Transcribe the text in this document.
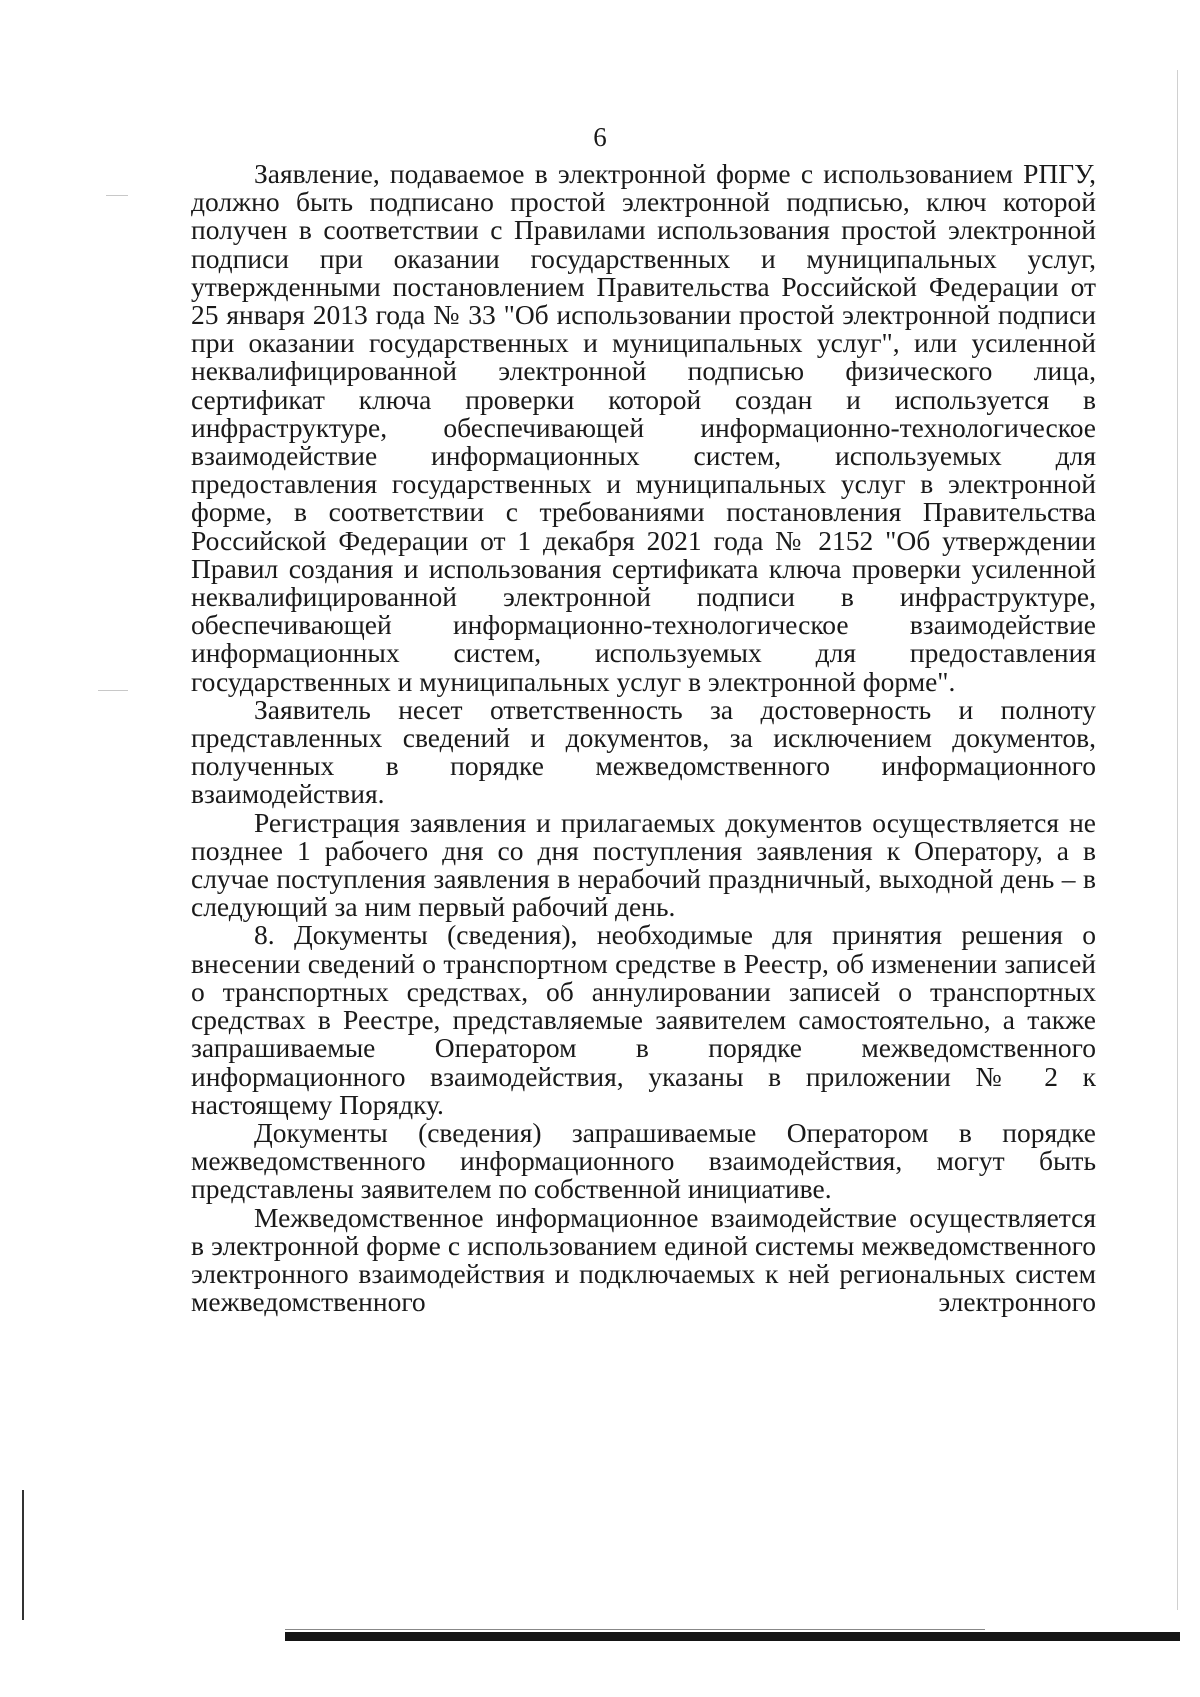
6

Заявление, подаваемое в электронной форме с использованием РПГУ, должно быть подписано простой электронной подписью, ключ которой получен в соответствии с Правилами использования простой электронной подписи при оказании государственных и муниципальных услуг, утвержденными постановлением Правительства Российской Федерации от 25 января 2013 года № 33 "Об использовании простой электронной подписи при оказании государственных и муниципальных услуг", или усиленной неквалифицированной электронной подписью физического лица, сертификат ключа проверки которой создан и используется в инфраструктуре, обеспечивающей информационно-технологическое взаимодействие информационных систем, используемых для предоставления государственных и муниципальных услуг в электронной форме, в соответствии с требованиями постановления Правительства Российской Федерации от 1 декабря 2021 года № 2152 "Об утверждении Правил создания и использования сертификата ключа проверки усиленной неквалифицированной электронной подписи в инфраструктуре, обеспечивающей информационно-технологическое взаимодействие информационных систем, используемых для предоставления государственных и муниципальных услуг в электронной форме".

Заявитель несет ответственность за достоверность и полноту представленных сведений и документов, за исключением документов, полученных в порядке межведомственного информационного взаимодействия.

Регистрация заявления и прилагаемых документов осуществляется не позднее 1 рабочего дня со дня поступления заявления к Оператору, а в случае поступления заявления в нерабочий праздничный, выходной день – в следующий за ним первый рабочий день.

8. Документы (сведения), необходимые для принятия решения о внесении сведений о транспортном средстве в Реестр, об изменении записей о транспортных средствах, об аннулировании записей о транспортных средствах в Реестре, представляемые заявителем самостоятельно, а также запрашиваемые Оператором в порядке межведомственного информационного взаимодействия, указаны в приложении № 2 к настоящему Порядку.

Документы (сведения) запрашиваемые Оператором в порядке межведомственного информационного взаимодействия, могут быть представлены заявителем по собственной инициативе.

Межведомственное информационное взаимодействие осуществляется в электронной форме с использованием единой системы межведомственного электронного взаимодействия и подключаемых к ней региональных систем межведомственного электронного
